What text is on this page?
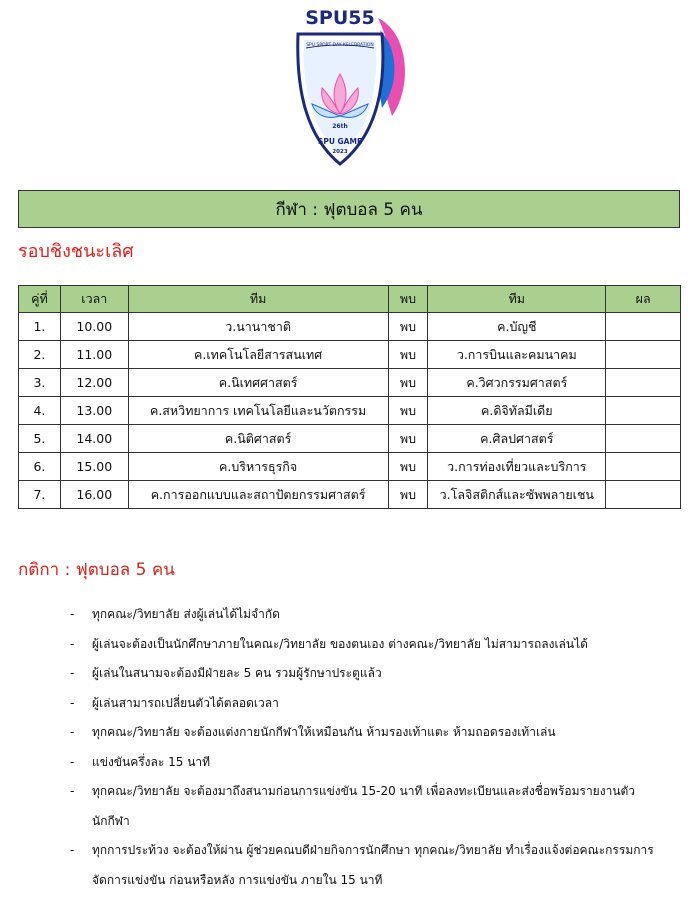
SPU SPORT DAY KELEBRATION
SPU55
26th
SPU GAME
2023
กีฬา : ฟุตบอล 5 คน
รอบชิงชนะเลิศ
คู่ที่	เวลา	ทีม	พบ	ทีม	ผล
1.	10.00	ว.นานาชาติ	พบ	ค.บัญชี	
2.	11.00	ค.เทคโนโลยีสารสนเทศ	พบ	ว.การบินและคมนาคม	
3.	12.00	ค.นิเทศศาสตร์	พบ	ค.วิศวกรรมศาสตร์	
4.	13.00	ค.สหวิทยาการ เทคโนโลยีและนวัตกรรม	พบ	ค.ดิจิทัลมีเดีย	
5.	14.00	ค.นิติศาสตร์	พบ	ค.ศิลปศาสตร์	
6.	15.00	ค.บริหารธุรกิจ	พบ	ว.การท่องเที่ยวและบริการ	
7.	16.00	ค.การออกแบบและสถาปัตยกรรมศาสตร์	พบ	ว.โลจิสติกส์และซัพพลายเชน	
กติกา : ฟุตบอล 5 คน
- ทุกคณะ/วิทยาลัย ส่งผู้เล่นได้ไม่จำกัด
- ผู้เล่นจะต้องเป็นนักศึกษาภายในคณะ/วิทยาลัย ของตนเอง ต่างคณะ/วิทยาลัย ไม่สามารถลงเล่นได้
- ผู้เล่นในสนามจะต้องมีฝ่ายละ 5 คน รวมผู้รักษาประตูแล้ว
- ผู้เล่นสามารถเปลี่ยนตัวได้ตลอดเวลา
- ทุกคณะ/วิทยาลัย จะต้องแต่งกายนักกีฬาให้เหมือนกัน ห้ามรองเท้าแตะ ห้ามถอดรองเท้าเล่น
- แข่งขันครึ่งละ 15 นาที
- ทุกคณะ/วิทยาลัย จะต้องมาถึงสนามก่อนการแข่งขัน 15-20 นาที เพื่อลงทะเบียนและส่งชื่อพร้อมรายงานตัวนักกีฬา
- ทุกการประท้วง จะต้องให้ผ่าน ผู้ช่วยคณบดีฝ่ายกิจการนักศึกษา ทุกคณะ/วิทยาลัย ทำเรื่องแจ้งต่อคณะกรรมการจัดการแข่งขัน ก่อนหรือหลัง การแข่งขัน ภายใน 15 นาที
